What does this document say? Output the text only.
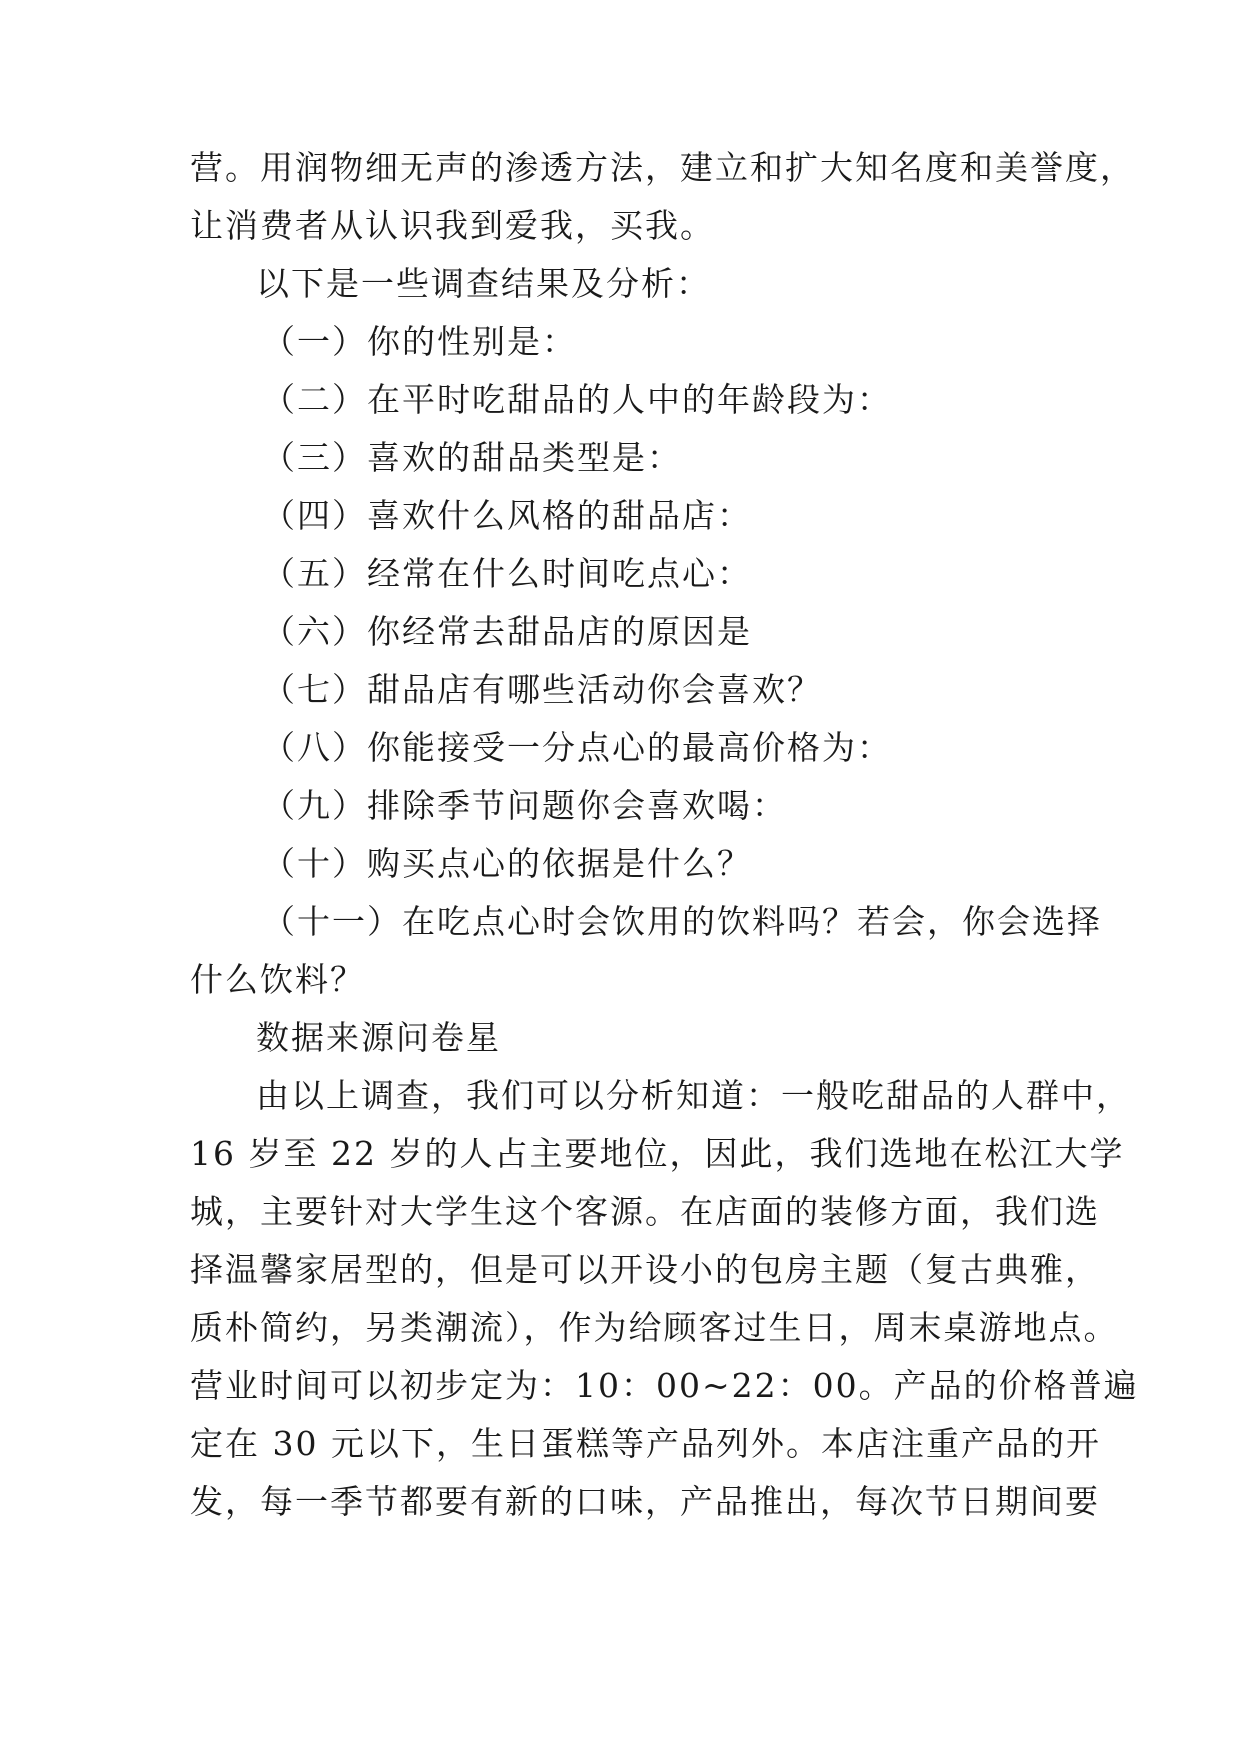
营。用润物细无声的渗透方法，建立和扩大知名度和美誉度，
让消费者从认识我到爱我，买我。
以下是一些调查结果及分析：
（一）你的性别是：
（二）在平时吃甜品的人中的年龄段为：
（三）喜欢的甜品类型是：
（四）喜欢什么风格的甜品店：
（五）经常在什么时间吃点心：
（六）你经常去甜品店的原因是
（七）甜品店有哪些活动你会喜欢？
（八）你能接受一分点心的最高价格为：
（九）排除季节问题你会喜欢喝：
（十）购买点心的依据是什么？
（十一）在吃点心时会饮用的饮料吗？若会，你会选择
什么饮料？
数据来源问卷星
由以上调查，我们可以分析知道：一般吃甜品的人群中，
16 岁至 22 岁的人占主要地位，因此，我们选地在松江大学
城，主要针对大学生这个客源。在店面的装修方面，我们选
择温馨家居型的，但是可以开设小的包房主题（复古典雅，
质朴简约，另类潮流），作为给顾客过生日，周末桌游地点。
营业时间可以初步定为：10：00~22：00。产品的价格普遍
定在 30 元以下，生日蛋糕等产品列外。本店注重产品的开
发，每一季节都要有新的口味，产品推出，每次节日期间要
